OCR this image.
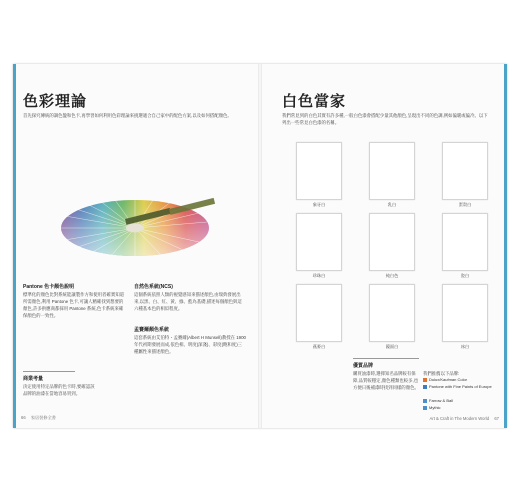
色彩理論

首先探究傳統的調色盤和色卡,再學習如何利用色彩理論來挑選適合自己家中的配色方案,以及如何搭配顏色。

Pantone 色卡顏色說明

標準化的顏色比對系統能讓製作方和使用者確實知道所需顏色,利用 Pantone 色卡,可讓人精確找到想要的顏色,許多供應商都採用 Pantone 系統,色卡系統來確保顏色的一致性。

自然色系統(NCS)

這個系統依照人類的視覺感知來描述顏色,由瑞典發展出來,以黑、白、紅、黃、綠、藍為基礎,描述每個顏色與這六種基本色的相似程度。

孟賽爾顏色系統

這套系統由艾伯特・孟賽爾(Albert H Munsell)教授在 1900 年代初期發展而成,依色相、明度(深淺)、彩度(飽和度)三種屬性來描述顏色。

商業考量

決定使用特定品牌的色卡時,要確認該品牌的油漆在當地容易買到。

66 家居裝修全書
白色當家

我們常見到的白色其實有許多種,一般白色漆會搭配少量其他顏色,呈現出不同的色調,例如偏暖或偏冷。以下列出一些常見白色漆的名稱。

象牙白	乳白	蛋殼白
珍珠白	純白色	瓷白
燕麥白	鏡面白	冰白
優質品牌

購買油漆時,選擇知名品牌較有保障,品質較穩定,顏色種類也較多,也方便日後補漆時找到同樣的顏色。

我們推薦以下品牌:

Dulux/Kaufman Color
Pantone with Fine Paints of Europe
Farrow & Ball
Mythic
Art & Craft in The Modern World 67
